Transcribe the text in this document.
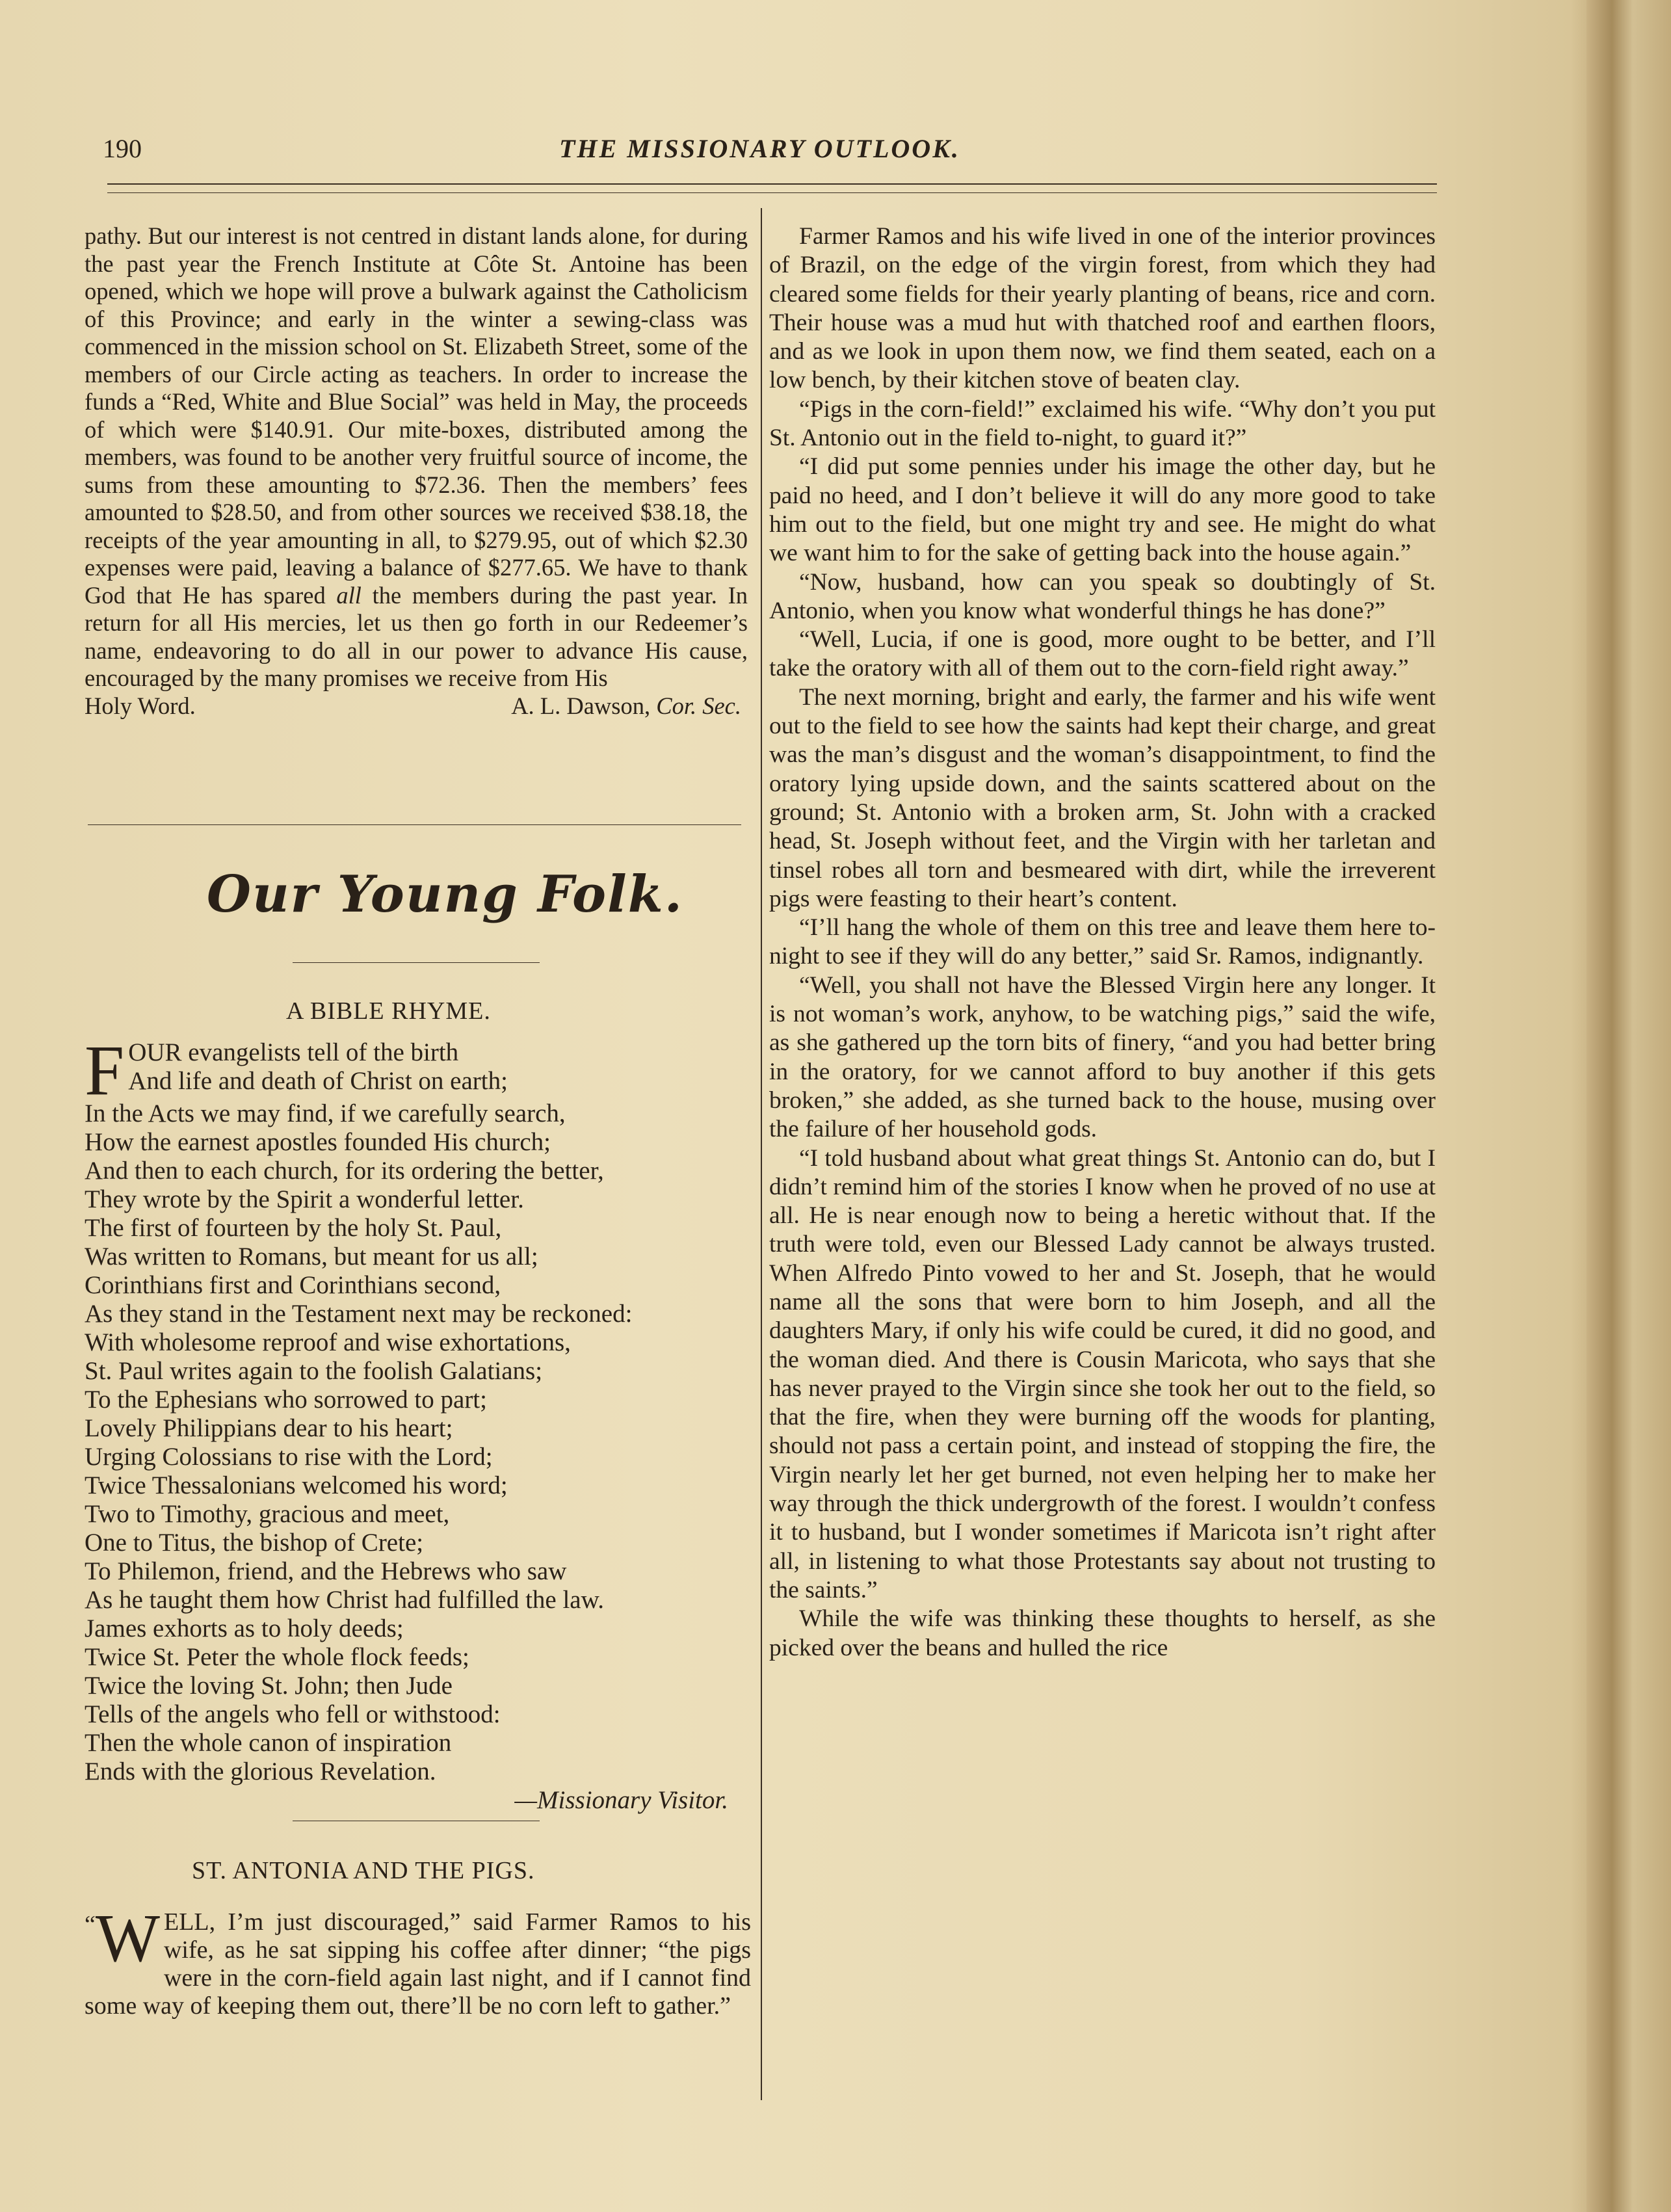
190	THE MISSIONARY OUTLOOK.

pathy. But our interest is not centred in distant lands alone, for during the past year the French Institute at Côte St. Antoine has been opened, which we hope will prove a bulwark against the Catholicism of this Province; and early in the winter a sewing-class was commenced in the mission school on St. Elizabeth Street, some of the members of our Circle acting as teachers. In order to increase the funds a “Red, White and Blue Social” was held in May, the proceeds of which were $140.91. Our mite-boxes, distributed among the members, was found to be another very fruitful source of income, the sums from these amounting to $72.36. Then the members’ fees amounted to $28.50, and from other sources we received $38.18, the receipts of the year amounting in all, to $279.95, out of which $2.30 expenses were paid, leaving a balance of $277.65. We have to thank God that He has spared all the members during the past year. In return for all His mercies, let us then go forth in our Redeemer’s name, endeavoring to do all in our power to advance His cause, encouraged by the many promises we receive from His

Holy Word.	A. L. Dawson, Cor. Sec.
Our Young Folk.
A BIBLE RHYME.
F OUR evangelists tell of the birth
And life and death of Christ on earth;
In the Acts we may find, if we carefully search,
How the earnest apostles founded His church;
And then to each church, for its ordering the better,
They wrote by the Spirit a wonderful letter.
The first of fourteen by the holy St. Paul,
Was written to Romans, but meant for us all;
Corinthians first and Corinthians second,
As they stand in the Testament next may be reckoned:
With wholesome reproof and wise exhortations,
St. Paul writes again to the foolish Galatians;
To the Ephesians who sorrowed to part;
Lovely Philippians dear to his heart;
Urging Colossians to rise with the Lord;
Twice Thessalonians welcomed his word;
Two to Timothy, gracious and meet,
One to Titus, the bishop of Crete;
To Philemon, friend, and the Hebrews who saw
As he taught them how Christ had fulfilled the law.
James exhorts as to holy deeds;
Twice St. Peter the whole flock feeds;
Twice the loving St. John; then Jude
Tells of the angels who fell or withstood:
Then the whole canon of inspiration
Ends with the glorious Revelation.
—Missionary Visitor.
ST. ANTONIA AND THE PIGS.
“ W ELL, I’m just discouraged,” said Farmer Ramos to his wife, as he sat sipping his coffee after dinner; “the pigs were in the corn-field again last night, and if I cannot find some way of keeping them out, there’ll be no corn left to gather.”

Farmer Ramos and his wife lived in one of the interior provinces of Brazil, on the edge of the virgin forest, from which they had cleared some fields for their yearly planting of beans, rice and corn. Their house was a mud hut with thatched roof and earthen floors, and as we look in upon them now, we find them seated, each on a low bench, by their kitchen stove of beaten clay.

“Pigs in the corn-field!” exclaimed his wife. “Why don’t you put St. Antonio out in the field to-night, to guard it?”

“I did put some pennies under his image the other day, but he paid no heed, and I don’t believe it will do any more good to take him out to the field, but one might try and see. He might do what we want him to for the sake of getting back into the house again.”

“Now, husband, how can you speak so doubtingly of St. Antonio, when you know what wonderful things he has done?”

“Well, Lucia, if one is good, more ought to be better, and I’ll take the oratory with all of them out to the corn-field right away.”

The next morning, bright and early, the farmer and his wife went out to the field to see how the saints had kept their charge, and great was the man’s disgust and the woman’s disappointment, to find the oratory lying upside down, and the saints scattered about on the ground; St. Antonio with a broken arm, St. John with a cracked head, St. Joseph without feet, and the Virgin with her tarletan and tinsel robes all torn and besmeared with dirt, while the irreverent pigs were feasting to their heart’s content.

“I’ll hang the whole of them on this tree and leave them here to-night to see if they will do any better,” said Sr. Ramos, indignantly.

“Well, you shall not have the Blessed Virgin here any longer. It is not woman’s work, anyhow, to be watching pigs,” said the wife, as she gathered up the torn bits of finery, “and you had better bring in the oratory, for we cannot afford to buy another if this gets broken,” she added, as she turned back to the house, musing over the failure of her household gods.

“I told husband about what great things St. Antonio can do, but I didn’t remind him of the stories I know when he proved of no use at all. He is near enough now to being a heretic without that. If the truth were told, even our Blessed Lady cannot be always trusted. When Alfredo Pinto vowed to her and St. Joseph, that he would name all the sons that were born to him Joseph, and all the daughters Mary, if only his wife could be cured, it did no good, and the woman died. And there is Cousin Maricota, who says that she has never prayed to the Virgin since she took her out to the field, so that the fire, when they were burning off the woods for planting, should not pass a certain point, and instead of stopping the fire, the Virgin nearly let her get burned, not even helping her to make her way through the thick undergrowth of the forest. I wouldn’t confess it to husband, but I wonder sometimes if Maricota isn’t right after all, in listening to what those Protestants say about not trusting to the saints.”

While the wife was thinking these thoughts to herself, as she picked over the beans and hulled the rice
